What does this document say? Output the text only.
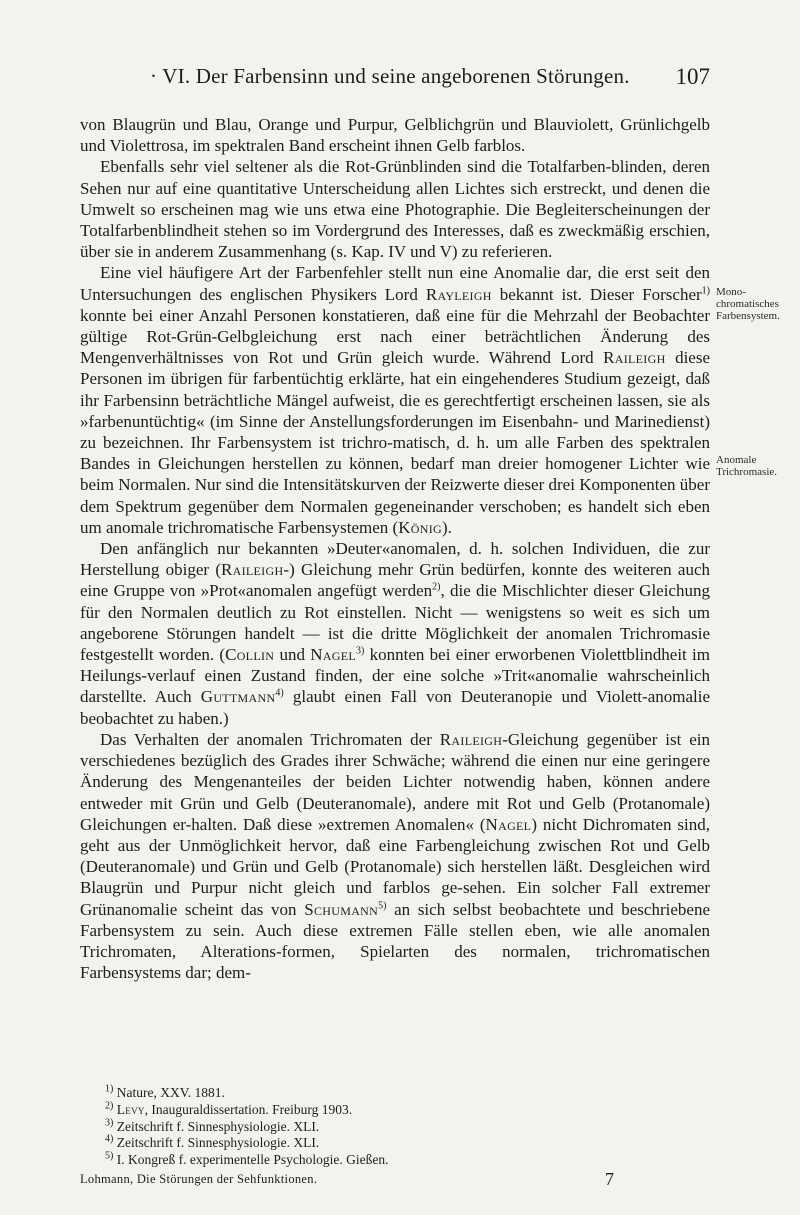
· VI. Der Farbensinn und seine angeborenen Störungen. 107
Mono-
chromatisches
Farbensystem.
Anomale
Trichromasie.

von Blaugrün und Blau, Orange und Purpur, Gelblichgrün und Blauviolett, Grünlichgelb und Violettrosa, im spektralen Band erscheint ihnen Gelb farblos.

Ebenfalls sehr viel seltener als die Rot-Grünblinden sind die Totalfarben-blinden, deren Sehen nur auf eine quantitative Unterscheidung allen Lichtes sich erstreckt, und denen die Umwelt so erscheinen mag wie uns etwa eine Photographie. Die Begleiterscheinungen der Totalfarbenblindheit stehen so im Vordergrund des Interesses, daß es zweckmäßig erschien, über sie in anderem Zusammenhang (s. Kap. IV und V) zu referieren.

Eine viel häufigere Art der Farbenfehler stellt nun eine Anomalie dar, die erst seit den Untersuchungen des englischen Physikers Lord Rayleigh bekannt ist. Dieser Forscher$^{1)}$ konnte bei einer Anzahl Personen konstatieren, daß eine für die Mehrzahl der Beobachter gültige Rot-Grün-Gelbgleichung erst nach einer beträchtlichen Änderung des Mengenverhältnisses von Rot und Grün gleich wurde. Während Lord Raileigh diese Personen im übrigen für farbentüchtig erklärte, hat ein eingehenderes Studium gezeigt, daß ihr Farbensinn beträchtliche Mängel aufweist, die es gerechtfertigt erscheinen lassen, sie als »farbenuntüchtig« (im Sinne der Anstellungsforderungen im Eisenbahn- und Marinedienst) zu bezeichnen. Ihr Farbensystem ist trichro-matisch, d. h. um alle Farben des spektralen Bandes in Gleichungen herstellen zu können, bedarf man dreier homogener Lichter wie beim Normalen. Nur sind die Intensitätskurven der Reizwerte dieser drei Komponenten über dem Spektrum gegenüber dem Normalen gegeneinander verschoben; es handelt sich eben um anomale trichromatische Farbensystemen (König).

Den anfänglich nur bekannten »Deuter«anomalen, d. h. solchen Individuen, die zur Herstellung obiger (Raileigh-) Gleichung mehr Grün bedürfen, konnte des weiteren auch eine Gruppe von »Prot«anomalen angefügt werden$^{2)}$, die die Mischlichter dieser Gleichung für den Normalen deutlich zu Rot einstellen. Nicht — wenigstens so weit es sich um angeborene Störungen handelt — ist die dritte Möglichkeit der anomalen Trichromasie festgestellt worden. (Collin und Nagel$^{3)}$ konnten bei einer erworbenen Violettblindheit im Heilungs-verlauf einen Zustand finden, der eine solche »Trit«anomalie wahrscheinlich darstellte. Auch Guttmann$^{4)}$ glaubt einen Fall von Deuteranopie und Violett-anomalie beobachtet zu haben.)

Das Verhalten der anomalen Trichromaten der Raileigh-Gleichung gegenüber ist ein verschiedenes bezüglich des Grades ihrer Schwäche; während die einen nur eine geringere Änderung des Mengenanteiles der beiden Lichter notwendig haben, können andere entweder mit Grün und Gelb (Deuteranomale), andere mit Rot und Gelb (Protanomale) Gleichungen er-halten. Daß diese »extremen Anomalen« (Nagel) nicht Dichromaten sind, geht aus der Unmöglichkeit hervor, daß eine Farbengleichung zwischen Rot und Gelb (Deuteranomale) und Grün und Gelb (Protanomale) sich herstellen läßt. Desgleichen wird Blaugrün und Purpur nicht gleich und farblos ge-sehen. Ein solcher Fall extremer Grünanomalie scheint das von Schumann$^{5)}$ an sich selbst beobachtete und beschriebene Farbensystem zu sein. Auch diese extremen Fälle stellen eben, wie alle anomalen Trichromaten, Alterations-formen, Spielarten des normalen, trichromatischen Farbensystems dar; dem-

$^{1)}$ Nature, XXV. 1881.
$^{2)}$ Levy, Inauguraldissertation. Freiburg 1903.
$^{3)}$ Zeitschrift f. Sinnesphysiologie. XLI.
$^{4)}$ Zeitschrift f. Sinnesphysiologie. XLI.
$^{5)}$ I. Kongreß f. experimentelle Psychologie. Gießen.
Lohmann, Die Störungen der Sehfunktionen.	7
